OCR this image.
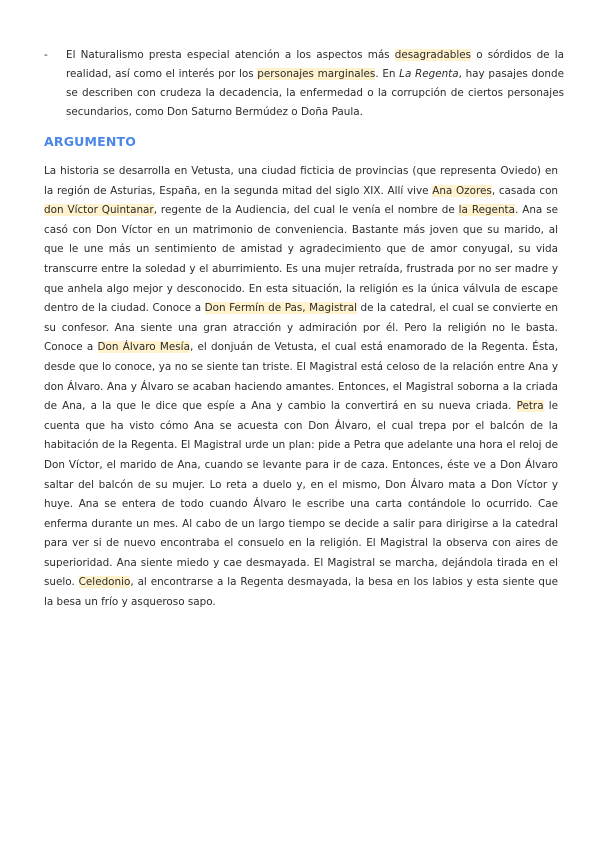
-	El Naturalismo presta especial atención a los aspectos más desagradables o sórdidos de la realidad, así como el interés por los personajes marginales. En La Regenta, hay pasajes donde se describen con crudeza la decadencia, la enfermedad o la corrupción de ciertos personajes secundarios, como Don Saturno Bermúdez o Doña Paula.
ARGUMENTO
La historia se desarrolla en Vetusta, una ciudad ficticia de provincias (que representa Oviedo) en la región de Asturias, España, en la segunda mitad del siglo XIX. Allí vive Ana Ozores, casada con don Víctor Quintanar, regente de la Audiencia, del cual le venía el nombre de la Regenta. Ana se casó con Don Víctor en un matrimonio de conveniencia. Bastante más joven que su marido, al que le une más un sentimiento de amistad y agradecimiento que de amor conyugal, su vida transcurre entre la soledad y el aburrimiento. Es una mujer retraída, frustrada por no ser madre y que anhela algo mejor y desconocido. En esta situación, la religión es la única válvula de escape dentro de la ciudad. Conoce a Don Fermín de Pas, Magistral de la catedral, el cual se convierte en su confesor. Ana siente una gran atracción y admiración por él. Pero la religión no le basta. Conoce a Don Álvaro Mesía, el donjuán de Vetusta, el cual está enamorado de la Regenta. Ésta, desde que lo conoce, ya no se siente tan triste. El Magistral está celoso de la relación entre Ana y don Álvaro. Ana y Álvaro se acaban haciendo amantes. Entonces, el Magistral soborna a la criada de Ana, a la que le dice que espíe a Ana y cambio la convertirá en su nueva criada. Petra le cuenta que ha visto cómo Ana se acuesta con Don Álvaro, el cual trepa por el balcón de la habitación de la Regenta. El Magistral urde un plan: pide a Petra que adelante una hora el reloj de Don Víctor, el marido de Ana, cuando se levante para ir de caza. Entonces, éste ve a Don Álvaro saltar del balcón de su mujer. Lo reta a duelo y, en el mismo, Don Álvaro mata a Don Víctor y huye. Ana se entera de todo cuando Álvaro le escribe una carta contándole lo ocurrido. Cae enferma durante un mes. Al cabo de un largo tiempo se decide a salir para dirigirse a la catedral para ver si de nuevo encontraba el consuelo en la religión. El Magistral la observa con aires de superioridad. Ana siente miedo y cae desmayada. El Magistral se marcha, dejándola tirada en el suelo. Celedonio, al encontrarse a la Regenta desmayada, la besa en los labios y esta siente que la besa un frío y asqueroso sapo.
